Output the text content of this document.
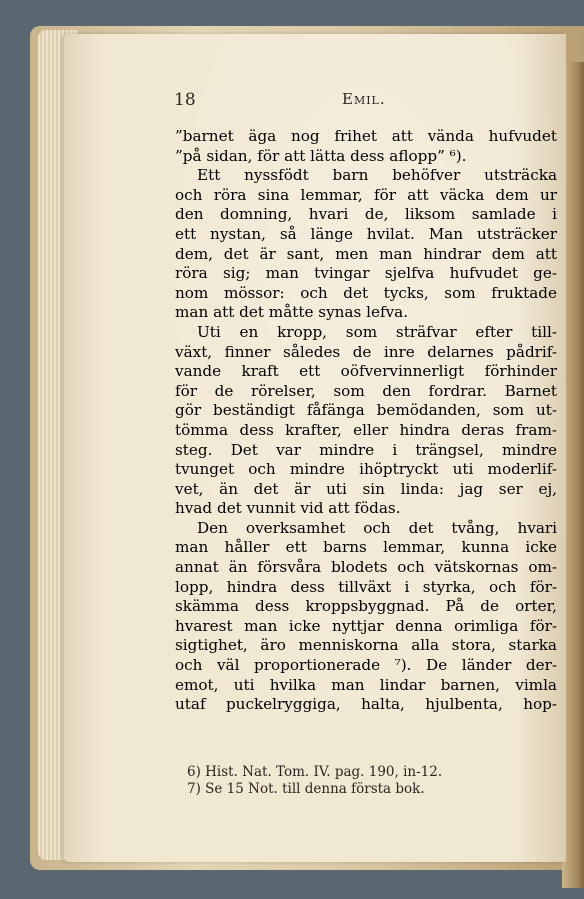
18	Emil.
”barnet äga nog frihet att vända hufvudet
”på sidan, för att lätta dess aflopp” ⁶).
Ett nyssfödt barn behöfver utsträcka
och röra sina lemmar, för att väcka dem ur
den domning, hvari de, liksom samlade i
ett nystan, så länge hvilat. Man utsträcker
dem, det är sant, men man hindrar dem att
röra sig; man tvingar sjelfva hufvudet ge-
nom mössor: och det tycks, som fruktade
man att det måtte synas lefva.
Uti en kropp, som sträfvar efter till-
växt, finner således de inre delarnes pådrif-
vande kraft ett oöfvervinnerligt förhinder
för de rörelser, som den fordrar. Barnet
gör beständigt fåfänga bemödanden, som ut-
tömma dess krafter, eller hindra deras fram-
steg. Det var mindre i trängsel, mindre
tvunget och mindre ihöptryckt uti moderlif-
vet, än det är uti sin linda: jag ser ej,
hvad det vunnit vid att födas.
Den overksamhet och det tvång, hvari
man håller ett barns lemmar, kunna icke
annat än försvåra blodets och vätskornas om-
lopp, hindra dess tillväxt i styrka, och för-
skämma dess kroppsbyggnad. På de orter,
hvarest man icke nyttjar denna orimliga för-
sigtighet, äro menniskorna alla stora, starka
och väl proportionerade ⁷). De länder der-
emot, uti hvilka man lindar barnen, vimla
utaf puckelryggiga, halta, hjulbenta, hop-
6) Hist. Nat. Tom. IV. pag. 190, in-12.
7) Se 15 Not. till denna första bok.
